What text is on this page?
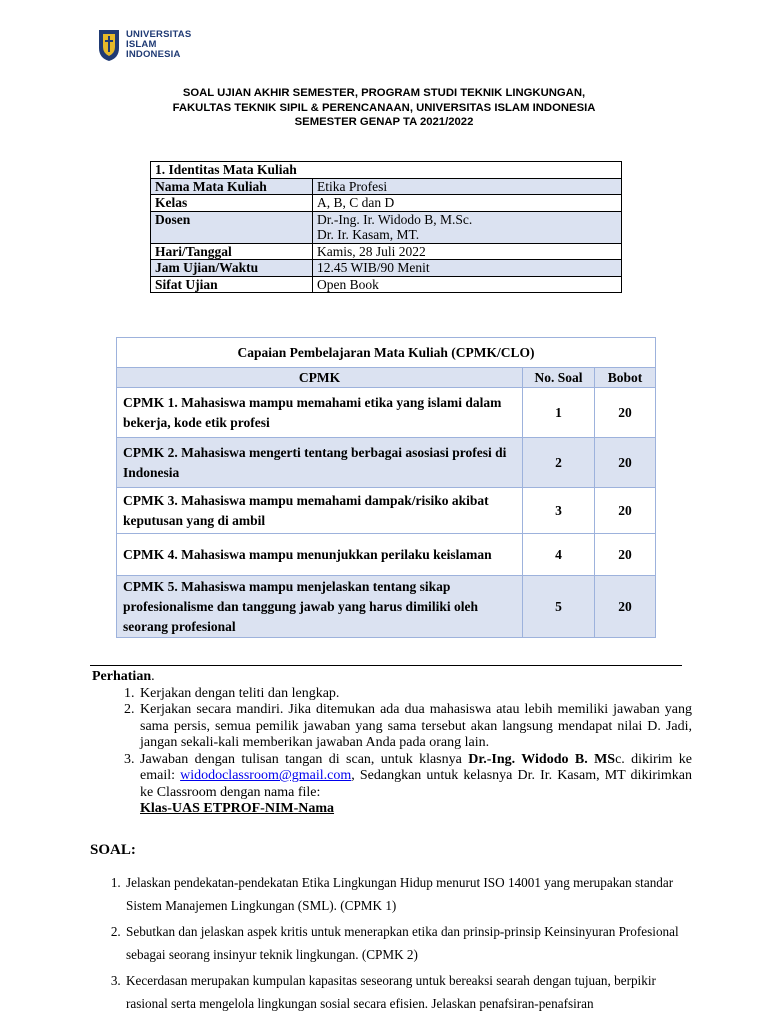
UNIVERSITAS
ISLAM
INDONESIA
SOAL UJIAN AKHIR SEMESTER, PROGRAM STUDI TEKNIK LINGKUNGAN,
FAKULTAS TEKNIK SIPIL & PERENCANAAN, UNIVERSITAS ISLAM INDONESIA
SEMESTER GENAP TA 2021/2022
1. Identitas Mata Kuliah	
Nama Mata Kuliah	Etika Profesi
Kelas	A, B, C dan D
Dosen	Dr.-Ing. Ir. Widodo B, M.Sc.
Dr. Ir. Kasam, MT.

Hari/Tanggal	Kamis, 28 Juli 2022
Jam Ujian/Waktu	12.45 WIB/90 Menit
Sifat Ujian	Open Book
Capaian Pembelajaran Mata Kuliah (CPMK/CLO)		
CPMK	No. Soal	Bobot
CPMK 1. Mahasiswa mampu memahami etika yang islami dalam bekerja, kode etik profesi	1	20
CPMK 2. Mahasiswa mengerti tentang berbagai asosiasi profesi di Indonesia	2	20
CPMK 3. Mahasiswa mampu memahami dampak/risiko akibat keputusan yang di ambil	3	20
CPMK 4. Mahasiswa mampu menunjukkan perilaku keislaman	4	20
CPMK 5. Mahasiswa mampu menjelaskan tentang sikap profesionalisme dan tanggung jawab yang harus dimiliki oleh seorang profesional	5	20
Perhatian.
1. Kerjakan dengan teliti dan lengkap.
2. Kerjakan secara mandiri. Jika ditemukan ada dua mahasiswa atau lebih memiliki jawaban yang sama persis, semua pemilik jawaban yang sama tersebut akan langsung mendapat nilai D. Jadi, jangan sekali-kali memberikan jawaban Anda pada orang lain.
3. Jawaban dengan tulisan tangan di scan, untuk klasnya Dr.-Ing. Widodo B. MSc. dikirim ke email: widodoclassroom@gmail.com, Sedangkan untuk kelasnya Dr. Ir. Kasam, MT dikirimkan ke Classroom dengan nama file:
Klas-UAS ETPROF-NIM-Nama
SOAL:
1. Jelaskan pendekatan-pendekatan Etika Lingkungan Hidup menurut ISO 14001 yang merupakan standar Sistem Manajemen Lingkungan (SML). (CPMK 1)
2. Sebutkan dan jelaskan aspek kritis untuk menerapkan etika dan prinsip-prinsip Keinsinyuran Profesional sebagai seorang insinyur teknik lingkungan. (CPMK 2)
3. Kecerdasan merupakan kumpulan kapasitas seseorang untuk bereaksi searah dengan tujuan, berpikir rasional serta mengelola lingkungan sosial secara efisien. Jelaskan penafsiran-penafsiran
